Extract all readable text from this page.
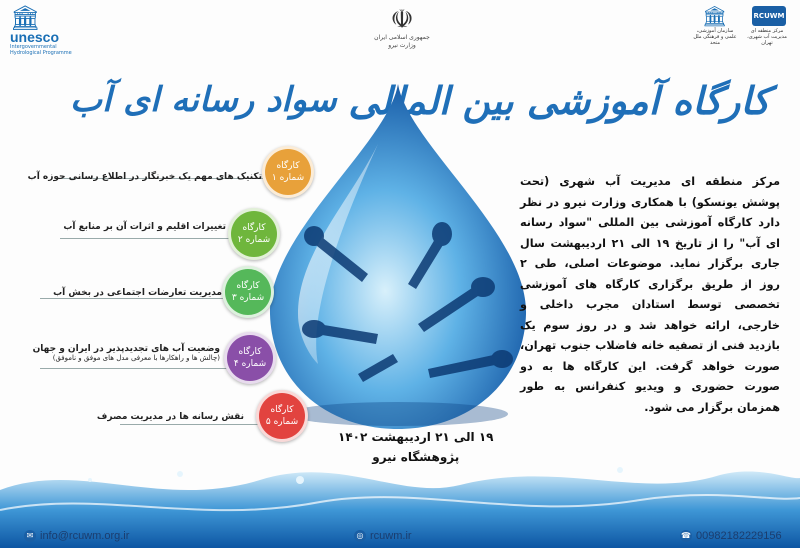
🏛
unesco
Intergovernmental Hydrological Programme
☫
جمهوری اسلامی ایران
وزارت نیرو
🏛
سازمان آموزشی، علمی و فرهنگی ملل متحد
RCUWM
مرکز منطقه ای مدیریت آب شهری، تهران
کارگاه آموزشی بین المللی
سواد رسانه ای آب
کارگاه
شماره ۱
تکنیک های مهم یک خبرنگار در اطلاع رسانی حوزه آب
کارگاه
شماره ۲
تغییرات اقلیم و اثرات آن بر منابع آب
کارگاه
شماره ۳
مدیریت تعارضات اجتماعی در بخش آب
کارگاه
شماره ۴
وضعیت آب های تجدیدپذیر در ایران و جهان
(چالش ها و راهکارها با معرفی مدل های موفق و ناموفق)
کارگاه
شماره ۵
نقش رسانه ها در مدیریت مصرف
مرکز منطقه ای مدیریت آب شهری (تحت پوشش یونسکو) با همکاری وزارت نیرو در نظر دارد کارگاه آموزشی بین المللی "سواد رسانه ای آب" را از تاریخ ۱۹ الی ۲۱ اردیبهشت سال جاری برگزار نماید. موضوعات اصلی، طی ۲ روز از طریق برگزاری کارگاه های آموزشی تخصصی توسط استادان مجرب داخلی و خارجی، ارائه خواهد شد و در روز سوم یک بازدید فنی از تصفیه خانه فاضلاب جنوب تهران، صورت خواهد گرفت. این کارگاه ها به دو صورت حضوری و ویدیو کنفرانس به طور همزمان برگزار می شود.
۱۹ الی ۲۱ اردیبهشت ۱۴۰۲
پژوهشگاه نیرو
✉ info@rcuwm.org.ir	◎ rcuwm.ir	☎ 00982182229156
